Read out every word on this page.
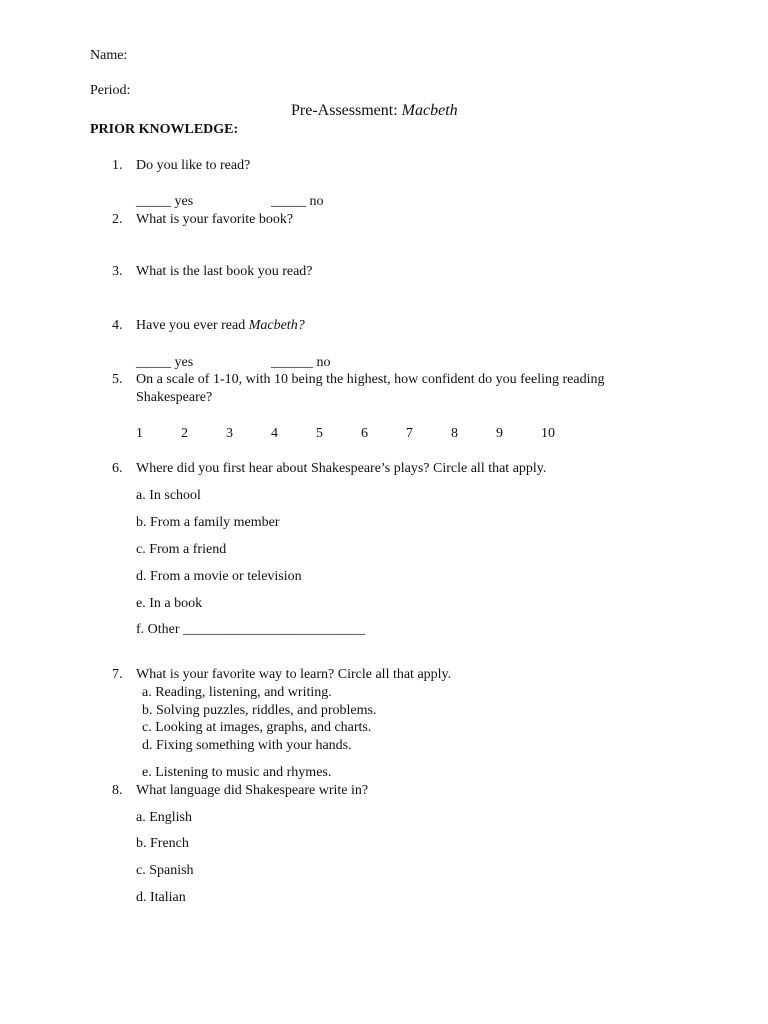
Name:
Period:
Pre-Assessment: Macbeth
PRIOR KNOWLEDGE:
1. Do you like to read?
_____ yes	_____ no
2. What is your favorite book?
3. What is the last book you read?
4. Have you ever read Macbeth?
_____ yes	______ no
5. On a scale of 1-10, with 10 being the highest, how confident do you feeling reading Shakespeare?
1	2	3	4	5	6	7	8	9	10
6. Where did you first hear about Shakespeare’s plays? Circle all that apply.
a. In school
b. From a family member
c. From a friend
d. From a movie or television
e. In a book
f. Other __________________________
7. What is your favorite way to learn? Circle all that apply.
a. Reading, listening, and writing.
b. Solving puzzles, riddles, and problems.
c. Looking at images, graphs, and charts.
d. Fixing something with your hands.
e. Listening to music and rhymes.
8. What language did Shakespeare write in?
a. English
b. French
c. Spanish
d. Italian
